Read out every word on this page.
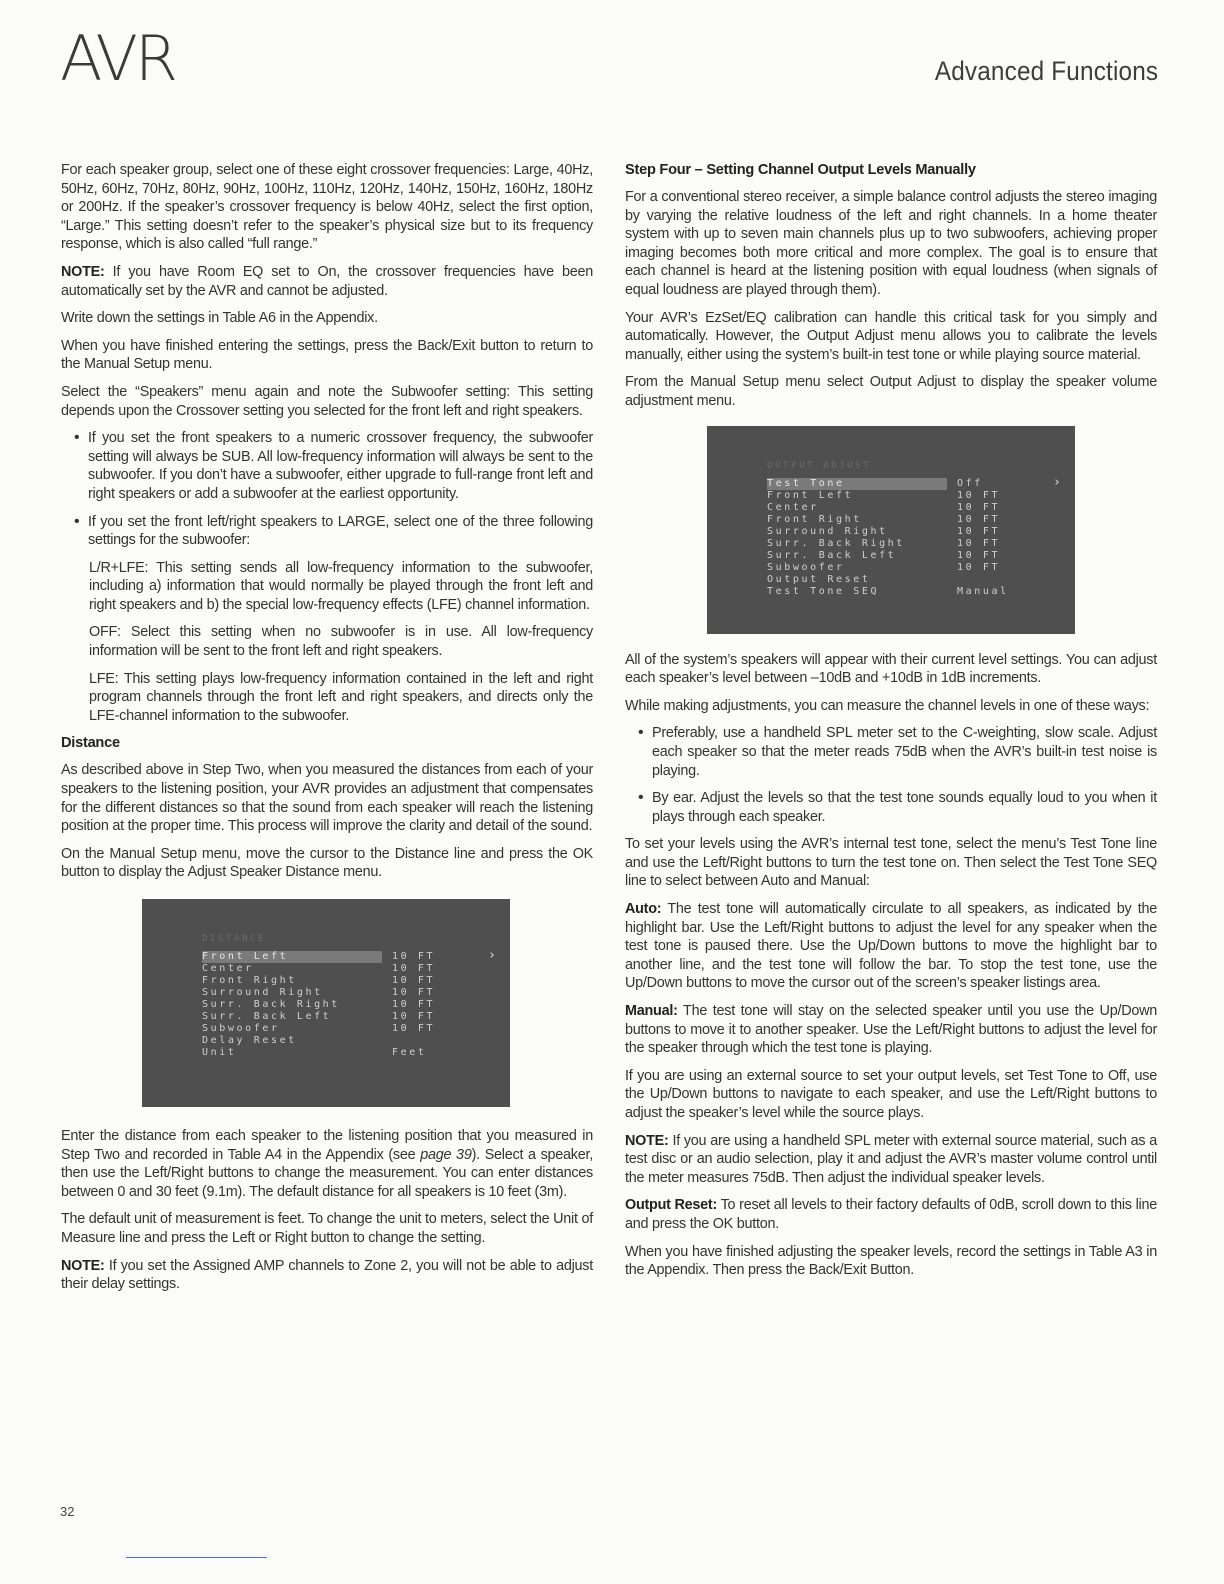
AVR	Advanced Functions

For each speaker group, select one of these eight crossover frequencies: Large, 40Hz, 50Hz, 60Hz, 70Hz, 80Hz, 90Hz, 100Hz, 110Hz, 120Hz, 140Hz, 150Hz, 160Hz, 180Hz or 200Hz. If the speaker’s crossover frequency is below 40Hz, select the first option, “Large.” This setting doesn’t refer to the speaker’s physical size but to its frequency response, which is also called “full range.”

NOTE: If you have Room EQ set to On, the crossover frequencies have been automatically set by the AVR and cannot be adjusted.

Write down the settings in Table A6 in the Appendix.

When you have finished entering the settings, press the Back/Exit button to return to the Manual Setup menu.

Select the “Speakers” menu again and note the Subwoofer setting: This setting depends upon the Crossover setting you selected for the front left and right speakers.

• If you set the front speakers to a numeric crossover frequency, the subwoofer setting will always be SUB. All low-frequency information will always be sent to the subwoofer. If you don’t have a subwoofer, either upgrade to full-range front left and right speakers or add a subwoofer at the earliest opportunity.
• If you set the front left/right speakers to LARGE, select one of the three following settings for the subwoofer:

L/R+LFE: This setting sends all low-frequency information to the subwoofer, including a) information that would normally be played through the front left and right speakers and b) the special low-frequency effects (LFE) channel information.

OFF: Select this setting when no subwoofer is in use. All low-frequency information will be sent to the front left and right speakers.

LFE: This setting plays low-frequency information contained in the left and right program channels through the front left and right speakers, and directs only the LFE-channel information to the subwoofer.

Distance

As described above in Step Two, when you measured the distances from each of your speakers to the listening position, your AVR provides an adjustment that compensates for the different distances so that the sound from each speaker will reach the listening position at the proper time. This process will improve the clarity and detail of the sound.

On the Manual Setup menu, move the cursor to the Distance line and press the OK button to display the Adjust Speaker Distance menu.

DISTANCE
›
Front Left	10 FT
Center	10 FT
Front Right	10 FT
Surround Right	10 FT
Surr. Back Right	10 FT
Surr. Back Left	10 FT
Subwoofer	10 FT
Delay Reset
Unit	Feet

Enter the distance from each speaker to the listening position that you measured in Step Two and recorded in Table A4 in the Appendix (see page 39). Select a speaker, then use the Left/Right buttons to change the measurement. You can enter distances between 0 and 30 feet (9.1m). The default distance for all speakers is 10 feet (3m).

The default unit of measurement is feet. To change the unit to meters, select the Unit of Measure line and press the Left or Right button to change the setting.

NOTE: If you set the Assigned AMP channels to Zone 2, you will not be able to adjust their delay settings.

Step Four – Setting Channel Output Levels Manually

For a conventional stereo receiver, a simple balance control adjusts the stereo imaging by varying the relative loudness of the left and right channels. In a home theater system with up to seven main channels plus up to two subwoofers, achieving proper imaging becomes both more critical and more complex. The goal is to ensure that each channel is heard at the listening position with equal loudness (when signals of equal loudness are played through them).

Your AVR’s EzSet/EQ calibration can handle this critical task for you simply and automatically. However, the Output Adjust menu allows you to calibrate the levels manually, either using the system’s built-in test tone or while playing source material.

From the Manual Setup menu select Output Adjust to display the speaker volume adjustment menu.

OUTPUT ADJUST
›
Test Tone	Off
Front Left	10 FT
Center	10 FT
Front Right	10 FT
Surround Right	10 FT
Surr. Back Right	10 FT
Surr. Back Left	10 FT
Subwoofer	10 FT
Output Reset
Test Tone SEQ	Manual

All of the system’s speakers will appear with their current level settings. You can adjust each speaker’s level between –10dB and +10dB in 1dB increments.

While making adjustments, you can measure the channel levels in one of these ways:

• Preferably, use a handheld SPL meter set to the C-weighting, slow scale. Adjust each speaker so that the meter reads 75dB when the AVR’s built-in test noise is playing.
• By ear. Adjust the levels so that the test tone sounds equally loud to you when it plays through each speaker.

To set your levels using the AVR’s internal test tone, select the menu’s Test Tone line and use the Left/Right buttons to turn the test tone on. Then select the Test Tone SEQ line to select between Auto and Manual:

Auto: The test tone will automatically circulate to all speakers, as indicated by the highlight bar. Use the Left/Right buttons to adjust the level for any speaker when the test tone is paused there. Use the Up/Down buttons to move the highlight bar to another line, and the test tone will follow the bar. To stop the test tone, use the Up/Down buttons to move the cursor out of the screen’s speaker listings area.

Manual: The test tone will stay on the selected speaker until you use the Up/Down buttons to move it to another speaker. Use the Left/Right buttons to adjust the level for the speaker through which the test tone is playing.

If you are using an external source to set your output levels, set Test Tone to Off, use the Up/Down buttons to navigate to each speaker, and use the Left/Right buttons to adjust the speaker’s level while the source plays.

NOTE: If you are using a handheld SPL meter with external source material, such as a test disc or an audio selection, play it and adjust the AVR’s master volume control until the meter measures 75dB. Then adjust the individual speaker levels.

Output Reset: To reset all levels to their factory defaults of 0dB, scroll down to this line and press the OK button.

When you have finished adjusting the speaker levels, record the settings in Table A3 in the Appendix. Then press the Back/Exit Button.

32
